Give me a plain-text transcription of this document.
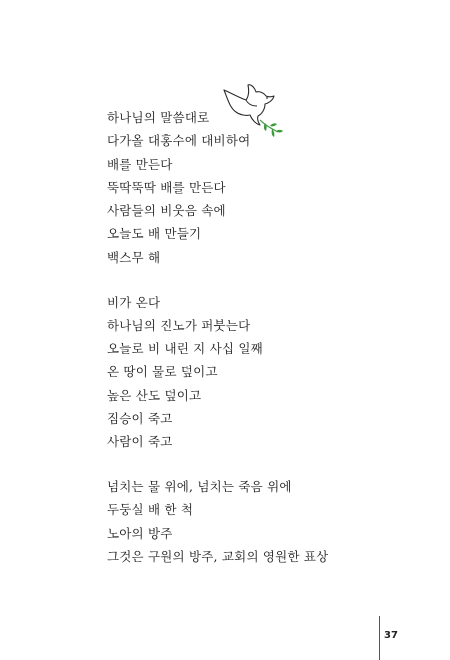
하나님의 말씀대로
다가올 대홍수에 대비하여
배를 만든다
뚝딱뚝딱 배를 만든다
사람들의 비웃음 속에
오늘도 배 만들기
백스무 해

비가 온다
하나님의 진노가 퍼붓는다
오늘로 비 내린 지 사십 일째
온 땅이 물로 덮이고
높은 산도 덮이고
짐승이 죽고
사람이 죽고

넘치는 물 위에, 넘치는 죽음 위에
두둥실 배 한 척
노아의 방주
그것은 구원의 방주, 교회의 영원한 표상

37
